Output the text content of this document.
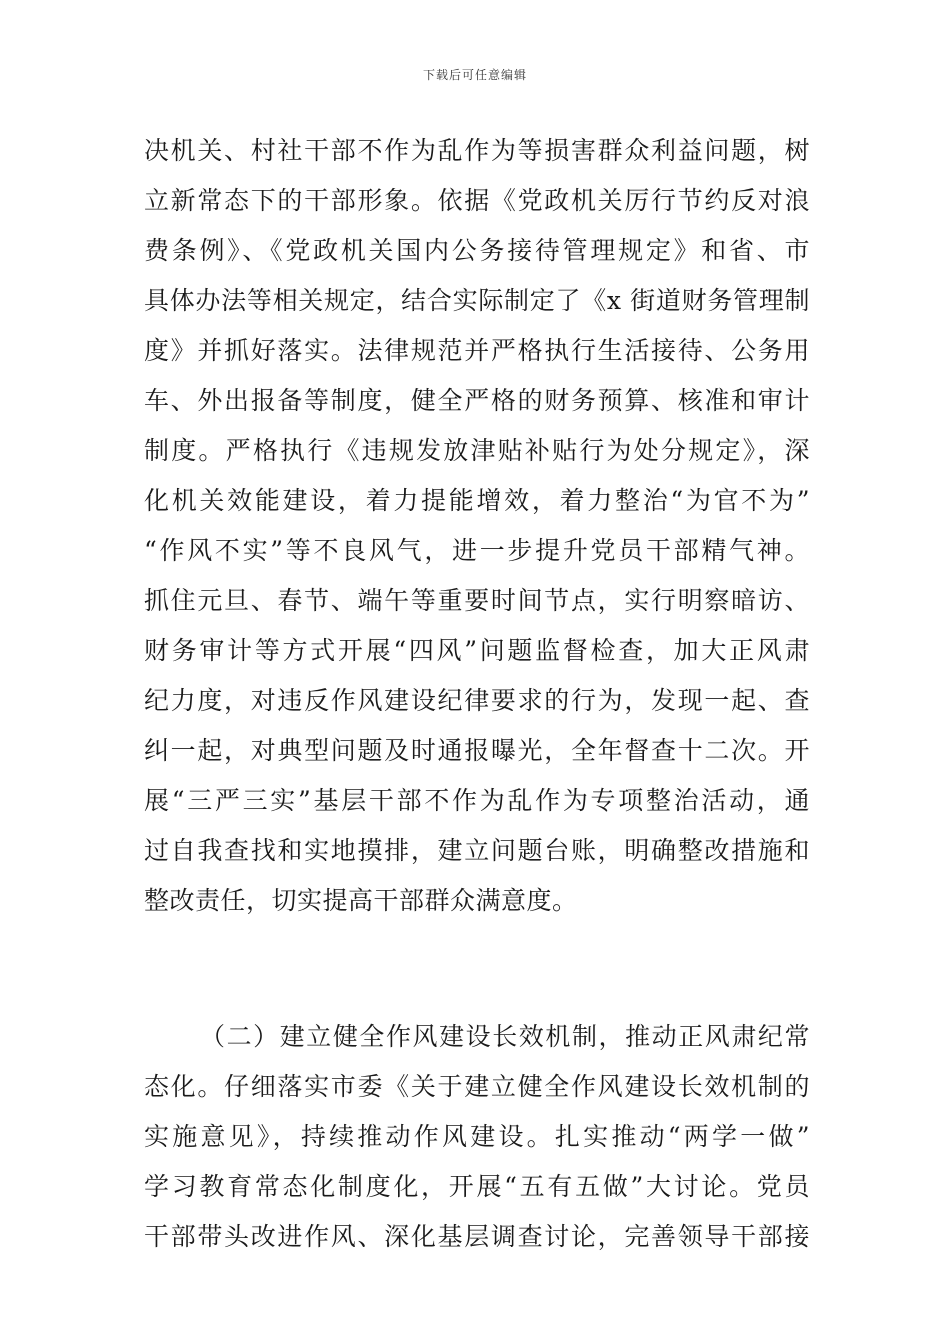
下载后可任意编辑
决机关、村社干部不作为乱作为等损害群众利益问题，树
立新常态下的干部形象。依据《党政机关厉行节约反对浪
费条例》、《党政机关国内公务接待管理规定》和省、市
具体办法等相关规定，结合实际制定了《x 街道财务管理制
度》并抓好落实。法律规范并严格执行生活接待、公务用
车、外出报备等制度，健全严格的财务预算、核准和审计
制度。严格执行《违规发放津贴补贴行为处分规定》，深
化机关效能建设，着力提能增效，着力整治“为官不为”
“作风不实”等不良风气，进一步提升党员干部精气神。
抓住元旦、春节、端午等重要时间节点，实行明察暗访、
财务审计等方式开展“四风”问题监督检查，加大正风肃
纪力度，对违反作风建设纪律要求的行为，发现一起、查
纠一起，对典型问题及时通报曝光，全年督查十二次。开
展“三严三实”基层干部不作为乱作为专项整治活动，通
过自我查找和实地摸排，建立问题台账，明确整改措施和
整改责任，切实提高干部群众满意度。
（二）建立健全作风建设长效机制，推动正风肃纪常
态化。仔细落实市委《关于建立健全作风建设长效机制的
实施意见》，持续推动作风建设。扎实推动“两学一做”
学习教育常态化制度化，开展“五有五做”大讨论。党员
干部带头改进作风、深化基层调查讨论，完善领导干部接
